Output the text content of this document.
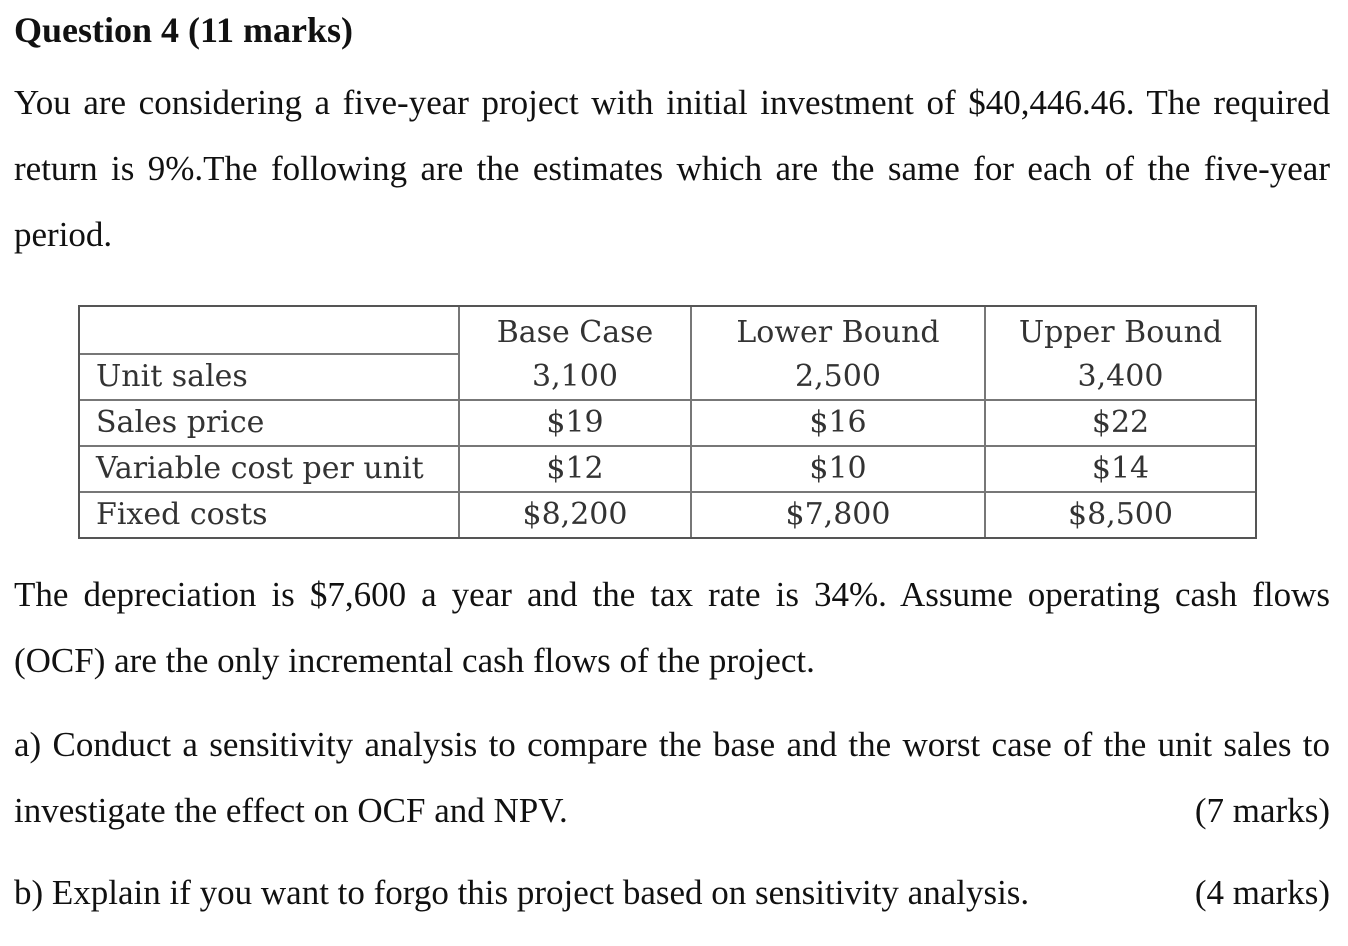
Question 4 (11 marks)
You are considering a five-year project with initial investment of $40,446.46. The required return is 9%.The following are the estimates which are the same for each of the five-year period.
	Base Case	Lower Bound	Upper Bound
Unit sales	3,100	2,500	3,400
Sales price	$19	$16	$22
Variable cost per unit	$12	$10	$14
Fixed costs	$8,200	$7,800	$8,500
The depreciation is $7,600 a year and the tax rate is 34%. Assume operating cash flows (OCF) are the only incremental cash flows of the project.
a) Conduct a sensitivity analysis to compare the base and the worst case of the unit sales to investigate the effect on OCF and NPV.	(7 marks)
b) Explain if you want to forgo this project based on sensitivity analysis.	(4 marks)
